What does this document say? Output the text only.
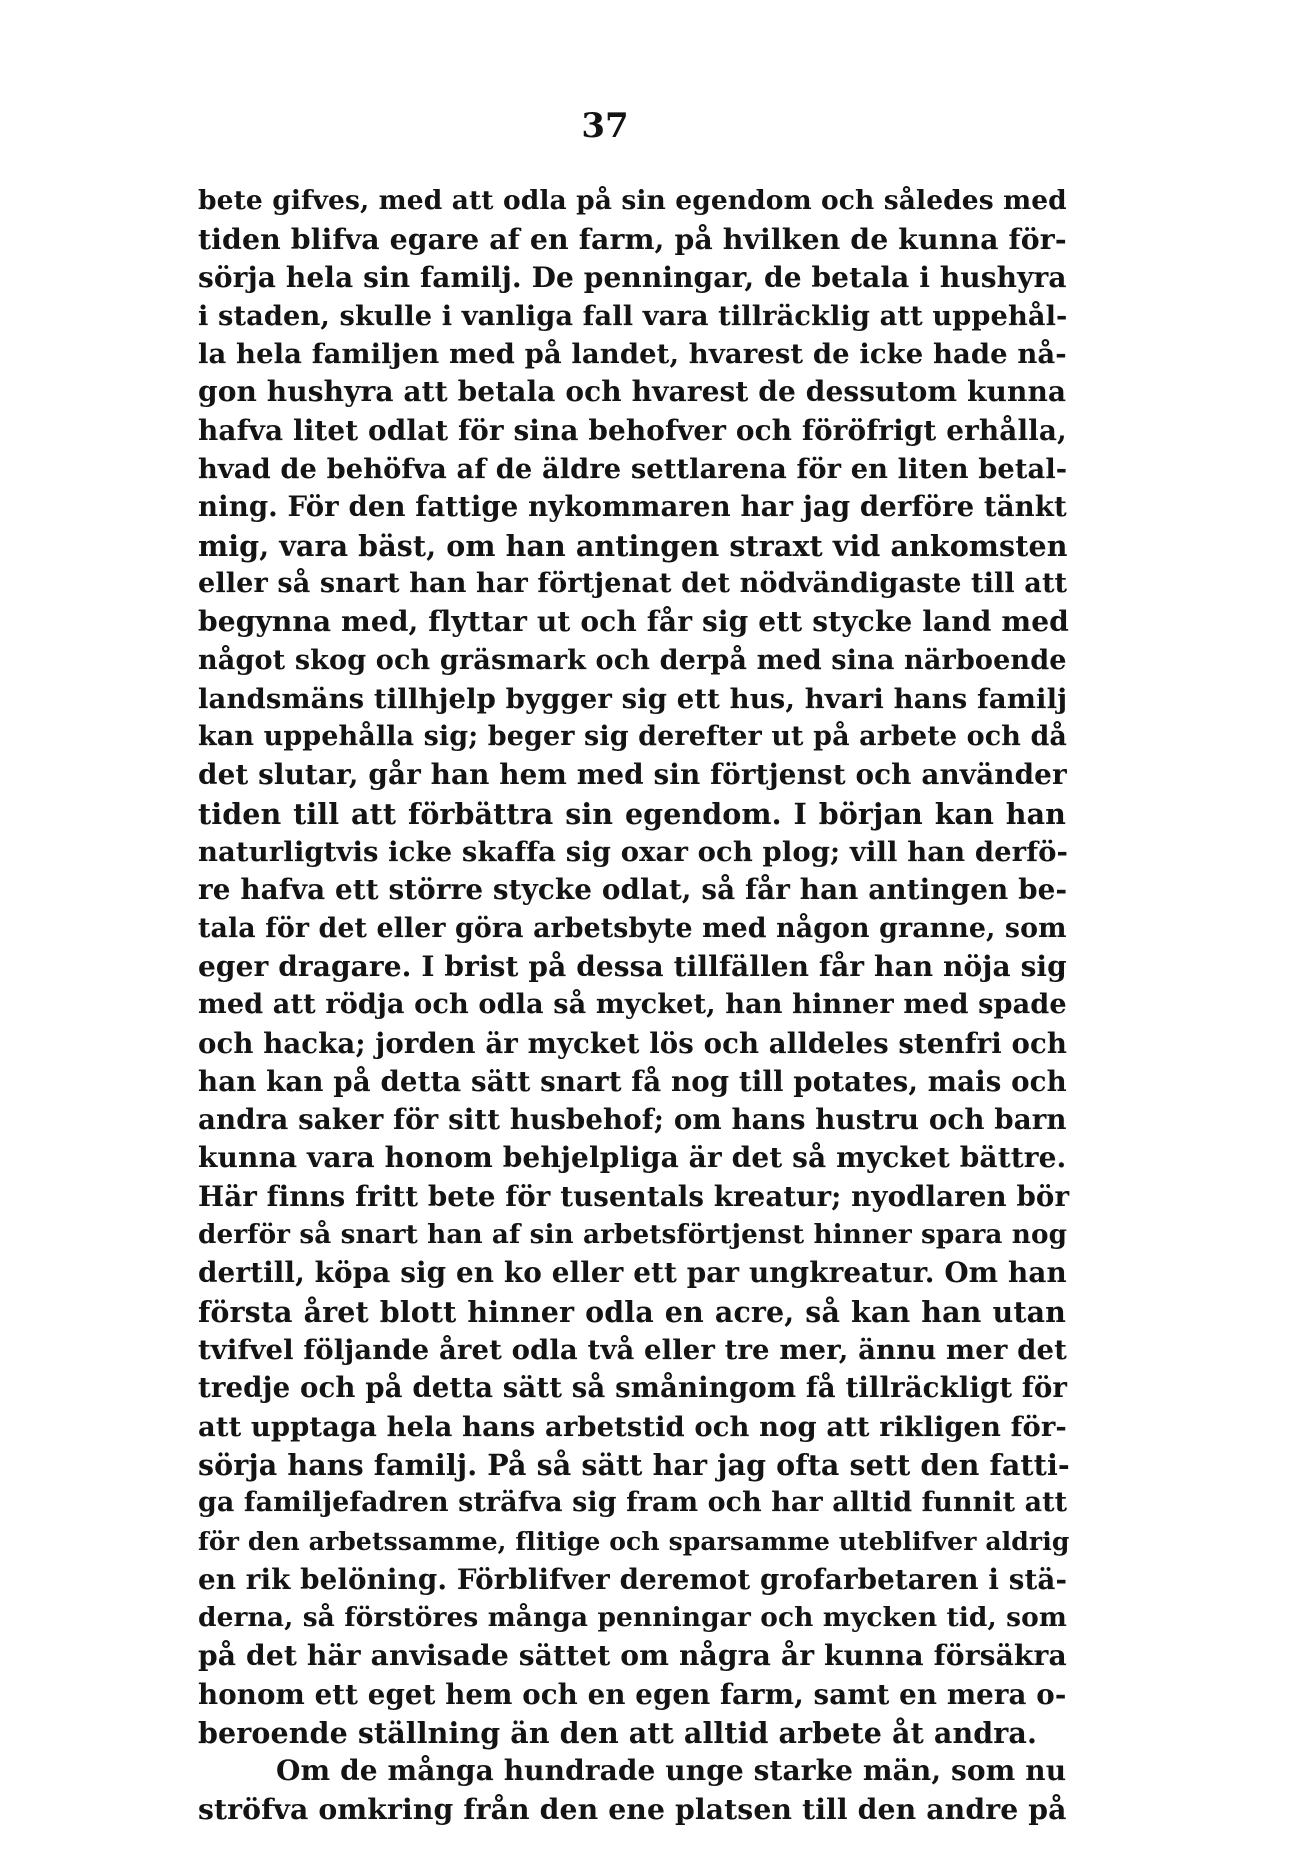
37
bete gifves, med att odla på sin egendom och således med
tiden blifva egare af en farm, på hvilken de kunna för-
sörja hela sin familj. De penningar, de betala i hushyra
i staden, skulle i vanliga fall vara tillräcklig att uppehål-
la hela familjen med på landet, hvarest de icke hade nå-
gon hushyra att betala och hvarest de dessutom kunna
hafva litet odlat för sina behofver och föröfrigt erhålla,
hvad de behöfva af de äldre settlarena för en liten betal-
ning. För den fattige nykommaren har jag derföre tänkt
mig, vara bäst, om han antingen straxt vid ankomsten
eller så snart han har förtjenat det nödvändigaste till att
begynna med, flyttar ut och får sig ett stycke land med
något skog och gräsmark och derpå med sina närboende
landsmäns tillhjelp bygger sig ett hus, hvari hans familj
kan uppehålla sig; beger sig derefter ut på arbete och då
det slutar, går han hem med sin förtjenst och använder
tiden till att förbättra sin egendom. I början kan han
naturligtvis icke skaffa sig oxar och plog; vill han derfö-
re hafva ett större stycke odlat, så får han antingen be-
tala för det eller göra arbetsbyte med någon granne, som
eger dragare. I brist på dessa tillfällen får han nöja sig
med att rödja och odla så mycket, han hinner med spade
och hacka; jorden är mycket lös och alldeles stenfri och
han kan på detta sätt snart få nog till potates, mais och
andra saker för sitt husbehof; om hans hustru och barn
kunna vara honom behjelpliga är det så mycket bättre.
Här finns fritt bete för tusentals kreatur; nyodlaren bör
derför så snart han af sin arbetsförtjenst hinner spara nog
dertill, köpa sig en ko eller ett par ungkreatur. Om han
första året blott hinner odla en acre, så kan han utan
tvifvel följande året odla två eller tre mer, ännu mer det
tredje och på detta sätt så småningom få tillräckligt för
att upptaga hela hans arbetstid och nog att rikligen för-
sörja hans familj. På så sätt har jag ofta sett den fatti-
ga familjefadren sträfva sig fram och har alltid funnit att
för den arbetssamme, flitige och sparsamme uteblifver aldrig
en rik belöning. Förblifver deremot grofarbetaren i stä-
derna, så förstöres många penningar och mycken tid, som
på det här anvisade sättet om några år kunna försäkra
honom ett eget hem och en egen farm, samt en mera o-
beroende ställning än den att alltid arbete åt andra.
Om de många hundrade unge starke män, som nu
ströfva omkring från den ene platsen till den andre på
